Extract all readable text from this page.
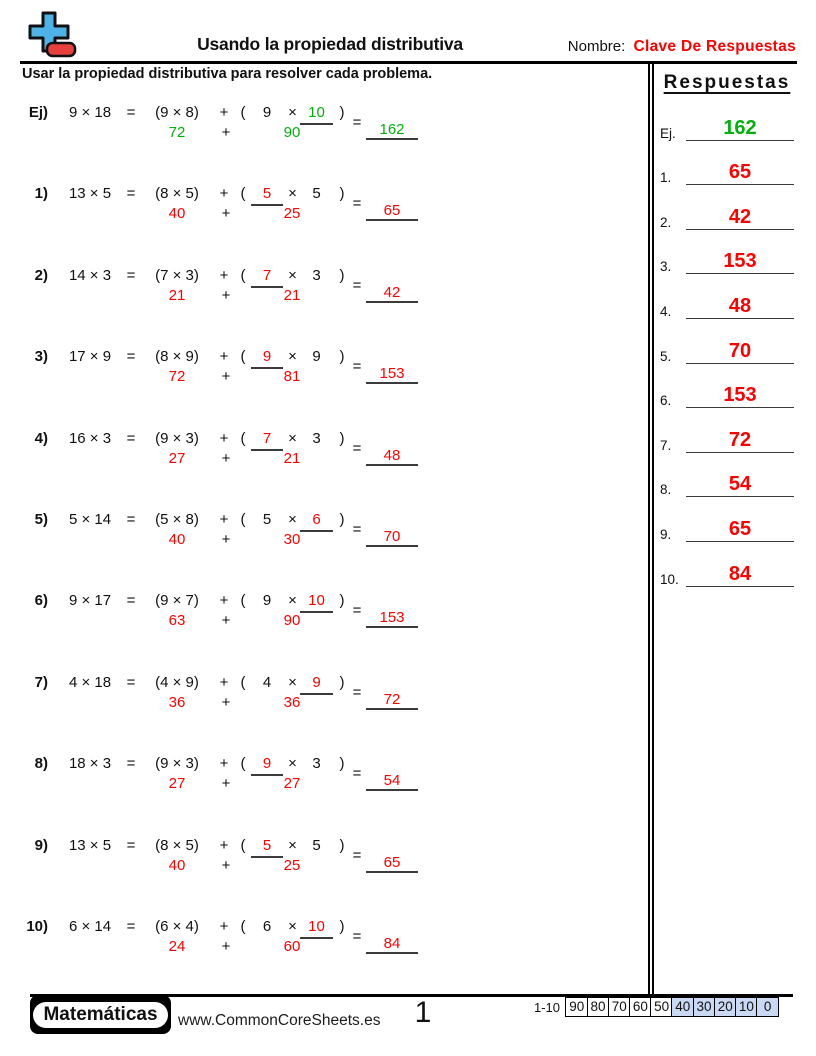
Usando la propiedad distributiva	Nombre: Clave De Respuestas
Usar la propiedad distributiva para resolver cada problema.
Ej)	9 × 18	=	(9 × 8)	+ (	9	× 10 )
=	162
72	+	90
1)	13 × 5	=	(8 × 5)	+ (	5	×	5	)
=	65
40	+	25
2)	14 × 3	=	(7 × 3)	+ (	7	×	3	)
=	42
21	+	21
3)	17 × 9	=	(8 × 9)	+ (	9	×	9	)
=	153
72	+	81
4)	16 × 3	=	(9 × 3)	+ (	7	×	3	)
=	48
27	+	21
5)	5 × 14	=	(5 × 8)	+ (	5	×	6	)
=	70
40	+	30
6)	9 × 17	=	(9 × 7)	+ (	9	× 10 )
=	153
63	+	90
7)	4 × 18	=	(4 × 9)	+ (	4	×	9	)
=	72
36	+	36
8)	18 × 3	=	(9 × 3)	+ (	9	×	3	)
=	54
27	+	27
9)	13 × 5	=	(8 × 5)	+ (	5	×	5	)
=	65
40	+	25
10)	6 × 14	=	(6 × 4)	+ (	6	× 10 )
=	84
24	+	60
Respuestas
Ej.	162
1.	65
2.	42
3.	153
4.	48
5.	70
6.	153
7.	72
8.	54
9.	65
10.	84
Matemáticas	www.CommonCoreSheets.es	1	1-10 90 80 70 60 50 40 30 20 10 0
